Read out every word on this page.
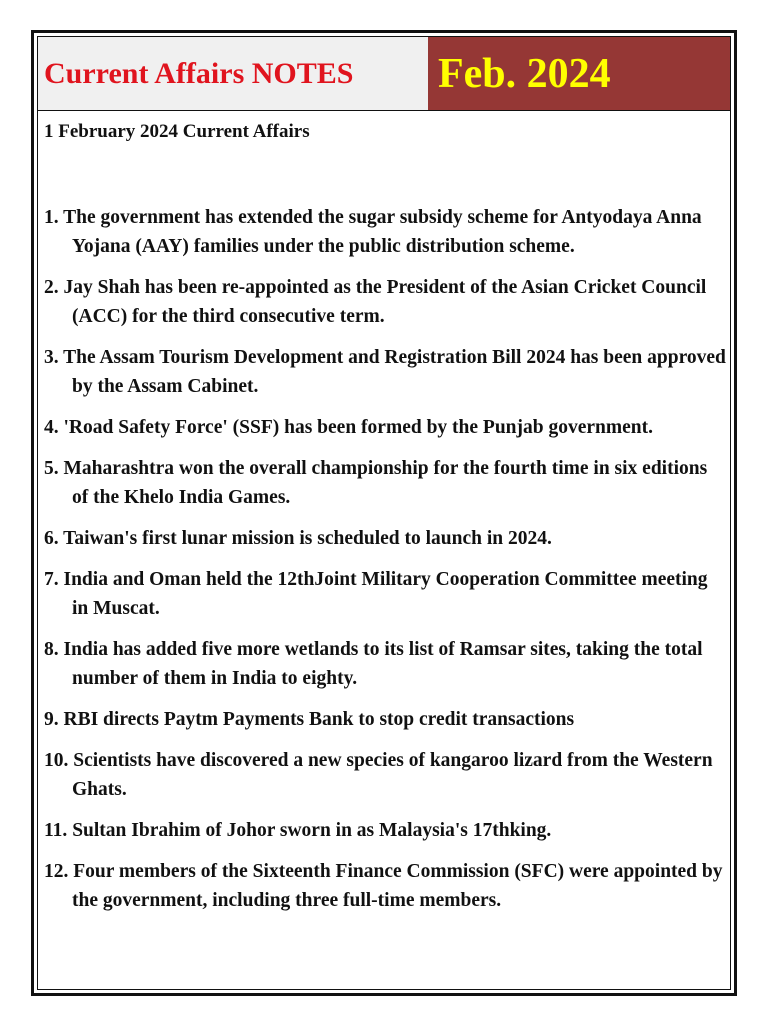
Current Affairs NOTES Feb. 2024
1 February 2024 Current Affairs
1. The government has extended the sugar subsidy scheme for Antyodaya Anna Yojana (AAY) families under the public distribution scheme.
2. Jay Shah has been re-appointed as the President of the Asian Cricket Council (ACC) for the third consecutive term.
3. The Assam Tourism Development and Registration Bill 2024 has been approved by the Assam Cabinet.
4. 'Road Safety Force' (SSF) has been formed by the Punjab government.
5. Maharashtra won the overall championship for the fourth time in six editions of the Khelo India Games.
6. Taiwan's first lunar mission is scheduled to launch in 2024.
7. India and Oman held the 12thJoint Military Cooperation Committee meeting in Muscat.
8. India has added five more wetlands to its list of Ramsar sites, taking the total number of them in India to eighty.
9. RBI directs Paytm Payments Bank to stop credit transactions
10. Scientists have discovered a new species of kangaroo lizard from the Western Ghats.
11. Sultan Ibrahim of Johor sworn in as Malaysia's 17thking.
12. Four members of the Sixteenth Finance Commission (SFC) were appointed by the government, including three full-time members.
